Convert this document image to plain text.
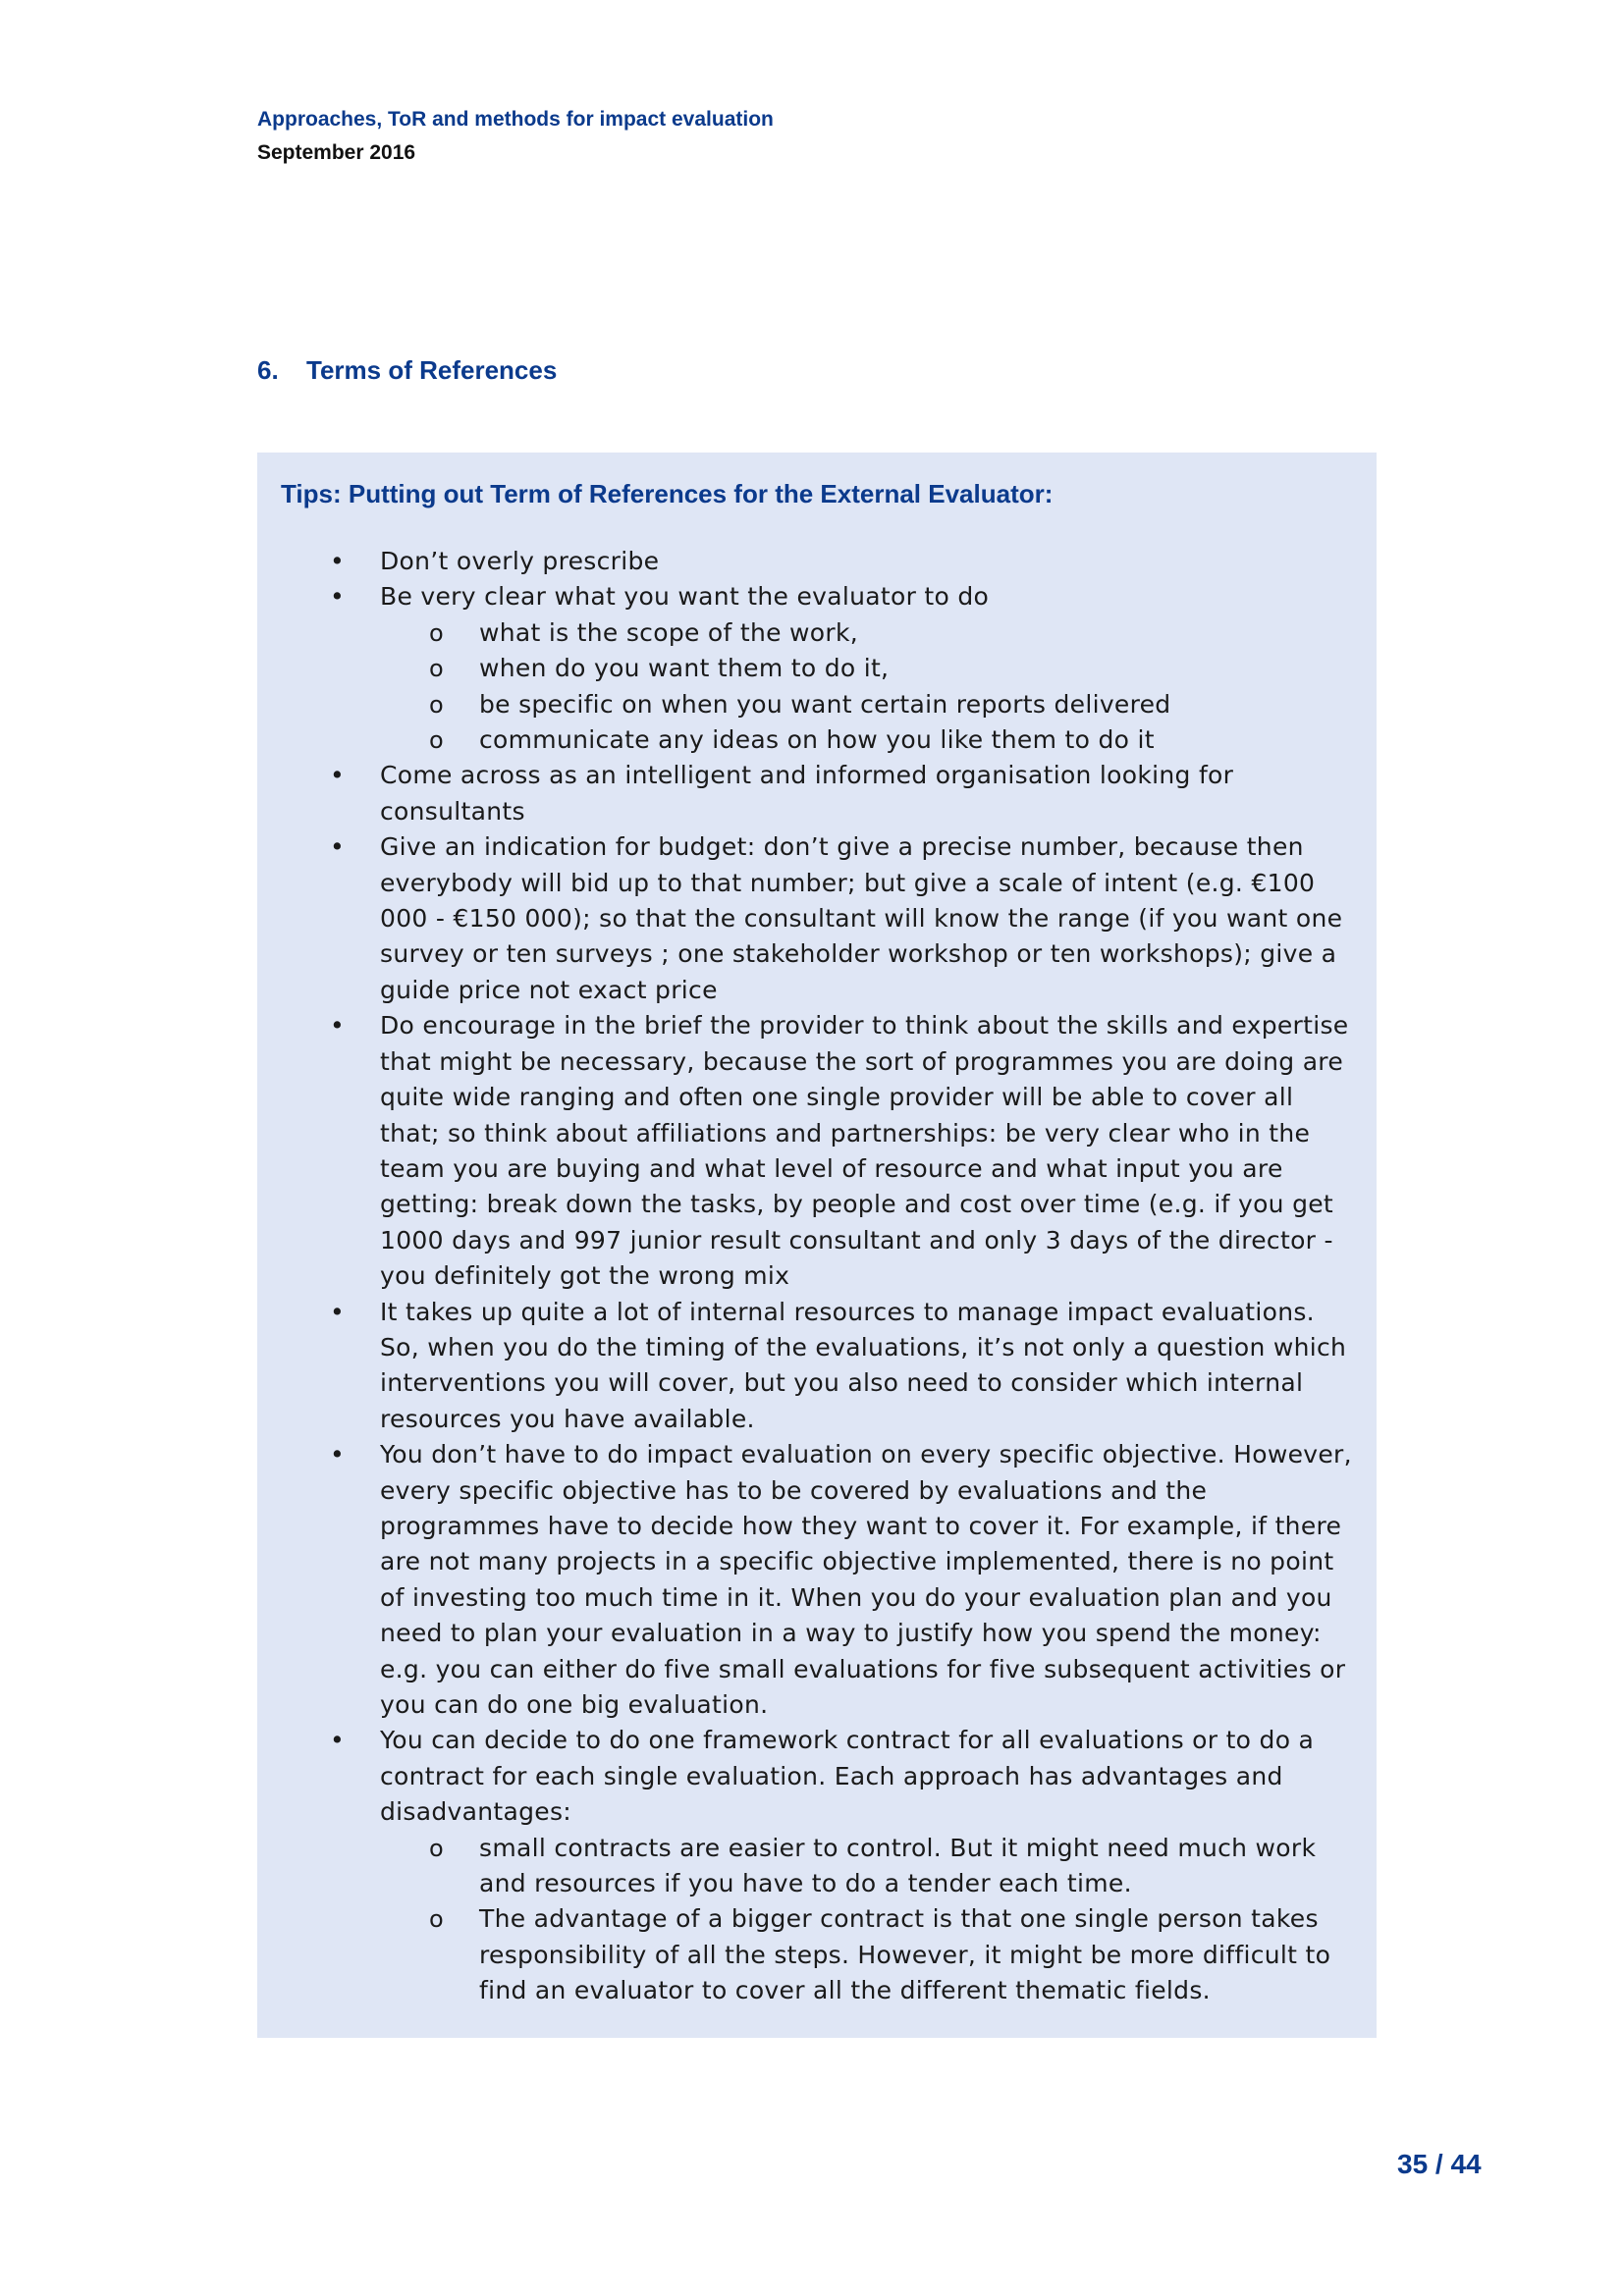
Approaches, ToR and methods for impact evaluation
September 2016
6. Terms of References
Tips: Putting out Term of References for the External Evaluator:
• Don’t overly prescribe
• Be very clear what you want the evaluator to do
o what is the scope of the work,
o when do you want them to do it,
o be specific on when you want certain reports delivered
o communicate any ideas on how you like them to do it
• Come across as an intelligent and informed organisation looking for consultants
• Give an indication for budget: don’t give a precise number, because then everybody will bid up to that number; but give a scale of intent (e.g. €100 000 - €150 000); so that the consultant will know the range (if you want one survey or ten surveys ; one stakeholder workshop or ten workshops); give a guide price not exact price
• Do encourage in the brief the provider to think about the skills and expertise that might be necessary, because the sort of programmes you are doing are quite wide ranging and often one single provider will be able to cover all that; so think about affiliations and partnerships: be very clear who in the team you are buying and what level of resource and what input you are getting: break down the tasks, by people and cost over time (e.g. if you get 1000 days and 997 junior result consultant and only 3 days of the director - you definitely got the wrong mix
• It takes up quite a lot of internal resources to manage impact evaluations. So, when you do the timing of the evaluations, it’s not only a question which interventions you will cover, but you also need to consider which internal resources you have available.
• You don’t have to do impact evaluation on every specific objective. However, every specific objective has to be covered by evaluations and the programmes have to decide how they want to cover it. For example, if there are not many projects in a specific objective implemented, there is no point of investing too much time in it. When you do your evaluation plan and you need to plan your evaluation in a way to justify how you spend the money: e.g. you can either do five small evaluations for five subsequent activities or you can do one big evaluation.
• You can decide to do one framework contract for all evaluations or to do a contract for each single evaluation. Each approach has advantages and disadvantages:
o small contracts are easier to control. But it might need much work and resources if you have to do a tender each time.
o The advantage of a bigger contract is that one single person takes responsibility of all the steps. However, it might be more difficult to find an evaluator to cover all the different thematic fields.
35 / 44
